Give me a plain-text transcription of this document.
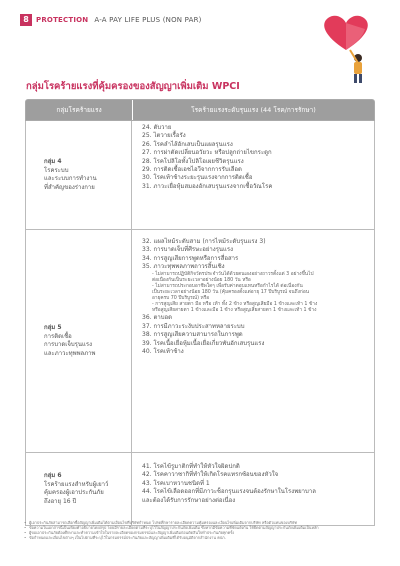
8	PROTECTION A-A PAY LIFE PLUS (NON PAR)
กลุ่มโรคร้ายแรงที่คุ้มครองของสัญญาเพิ่มเติม WPCI
กลุ่มโรคร้ายแรง	โรคร้ายแรงระดับรุนแรง (44 โรค/การรักษา)
กลุ่ม 4
โรคระบบ
และระบบการทำงาน
ที่สำคัญของร่างกาย
24. ตับวาย
25. ไตวายเรื้อรัง
26. โรคลำไส้อักเสบเป็นแผลรุนแรง
27. การผ่าตัดเปลี่ยนอวัยวะ หรือปลูกถ่ายไขกระดูก
28. โรคโปลิโอทั้งโปลิโอเผยชีวิตรุนแรง
29. การติดเชื้อเอชไอวีจากการรับเลือด
30. โรคเท้าช้างระยะรุนแรงจากการติดเชื้อ
31. ภาวะเยื่อหุ้มสมองอักเสบรุนแรงจากเชื้อวัณโรค
กลุ่ม 5
การติดเชื้อ
การบาดเจ็บรุนแรง
และภาวะทุพพลภาพ
32. แผลไหม้ระดับสาม (การไหม้ระดับรุนแรง 3)
33. การบาดเจ็บที่ศีรษะอย่างรุนแรง
34. การสูญเสียการพูดหรือการสื่อสาร
35. ภาวะทุพพลภาพถาวรสิ้นเชิง
- ไม่สามารถปฏิบัติกิจวัตรประจำวันได้ด้วยตนเองอย่างถาวรตั้งแต่ 3 อย่างขึ้นไป
ต่อเนื่องกันเป็นระยะเวลาอย่างน้อย 180 วัน หรือ
- ไม่สามารถประกอบอาชีพใดๆ เพื่อรับค่าตอบแทนหรือกำไรได้ ต่อเนื่องกัน
เป็นระยะเวลาอย่างน้อย 180 วัน (คุ้มครองตั้งแต่อายุ 17 ปีบริบูรณ์ จนถึงก่อน
อายุครบ 70 ปีบริบูรณ์) หรือ
- การสูญเสีย สายตา มือ หรือ เท้า ทั้ง 2 ข้าง หรือสูญเสียมือ 1 ข้างและเท้า 1 ข้าง
หรือสูญเสียสายตา 1 ข้างและมือ 1 ข้าง หรือสูญเสียสายตา 1 ข้างและเท้า 1 ข้าง
36. ตาบอด
37. การมีภาวะระงับประสาทหลายระบบ
38. การสูญเสียความสามารถในการพูด
39. โรคเนื้อเยื่อหุ้มเนื้อเยื่อเกี่ยวพันอักเสบรุนแรง
40. โรคเท้าช้าง
กลุ่ม 6
โรคร้ายแรงสำหรับผู้เยาว์
คุ้มครองผู้เอาประกันภัย
ถึงอายุ 16 ปี
41. โรคไข้รูมาติกที่ทำให้หัวใจผิดปกติ
42. โรคคาวาซากิที่ทำให้เกิดโรคแทรกซ้อนของหัวใจ
43. โรคเบาหวานชนิดที่ 1
44. โรคไข้เลือดออกที่มีภาวะช็อกรุนแรงจนต้องรักษาในโรงพยาบาล
และต้องได้รับการรักษาอย่างต่อเนื่อง
• ผู้เอาประกันภัยสามารถเลือกซื้อสัญญาเพิ่มเติมได้ตามเงื่อนไขที่บริษัทกำหนด โปรดศึกษารายละเอียดความคุ้มครองและเงื่อนไขเพิ่มเติมจากบริษัท หรือตัวแทนของบริษัท
• ข้อความในเอกสารนี้เป็นเพียงคำอธิบายโดยสรุป โดยมีรายละเอียดตามที่ระบุไว้ในสัญญาประกันภัยเพิ่มเติม ซึ่งหากมีข้อความที่ขัดแย้งกัน ให้ยึดตามสัญญาประกันภัยเพิ่มเติมเป็นหลัก
• ผู้ขอเอาประกันภัยต้องศึกษาและทำความเข้าใจในรายละเอียดของกรมธรรม์และสัญญาเพิ่มเติมก่อนตัดสินใจทำประกันภัยทุกครั้ง
• ข้อกำหนดและเงื่อนไขต่างๆ เป็นไปตามที่ระบุไว้ในกรมธรรม์ประกันภัยและสัญญาเพิ่มเติมที่ได้รับอนุมัติจากสำนักงาน คปภ.
